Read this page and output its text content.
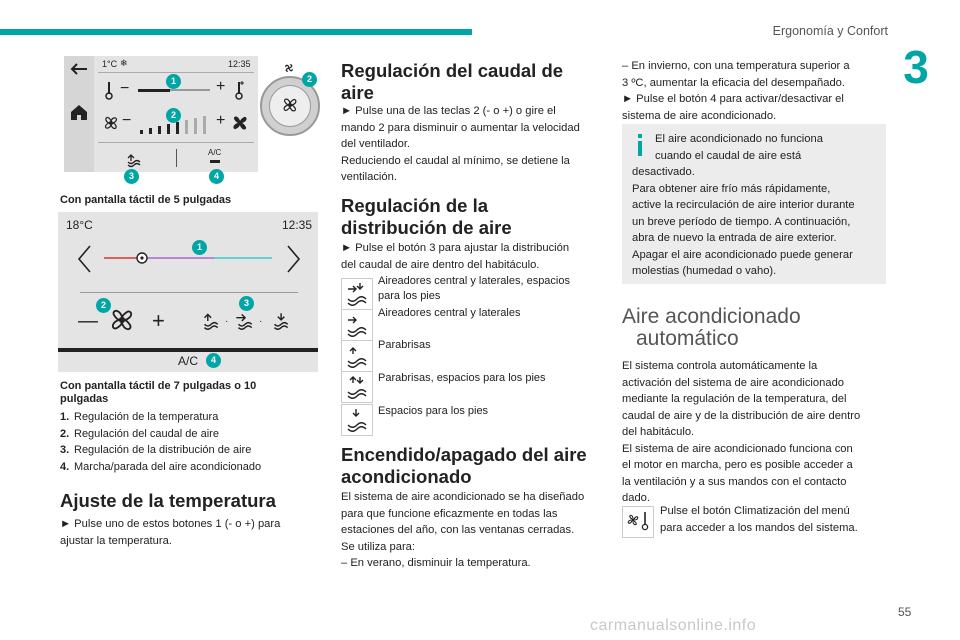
Ergonomía y Confort
3
1°C ❄	12:35
−	+
−	+
A/C
1
2
2
3	4
Con pantalla táctil de 5 pulgadas
18°C	12:35
— +	·	·
A/C
1
2	3
4
Con pantalla táctil de 7 pulgadas o 10 pulgadas
1. Regulación de la temperatura
2. Regulación del caudal de aire
3. Regulación de la distribución de aire
4. Marcha/parada del aire acondicionado
Ajuste de la temperatura
► Pulse uno de estos botones 1 (- o +) para
ajustar la temperatura.
Regulación del caudal de
aire
► Pulse una de las teclas 2 (- o +) o gire el
mando 2 para disminuir o aumentar la velocidad
del ventilador.
Reduciendo el caudal al mínimo, se detiene la
ventilación.
Regulación de la
distribución de aire
► Pulse el botón 3 para ajustar la distribución
del caudal de aire dentro del habitáculo.
Aireadores central y laterales, espacios
para los pies
Aireadores central y laterales
Parabrisas
Parabrisas, espacios para los pies
Espacios para los pies
Encendido/apagado del aire
acondicionado
El sistema de aire acondicionado se ha diseñado
para que funcione eficazmente en todas las
estaciones del año, con las ventanas cerradas.
Se utiliza para:
– En verano, disminuir la temperatura.
– En invierno, con una temperatura superior a
3 ºC, aumentar la eficacia del desempañado.
► Pulse el botón 4 para activar/desactivar el
sistema de aire acondicionado.
El aire acondicionado no funciona
cuando el caudal de aire está
desactivado.
Para obtener aire frío más rápidamente,
active la recirculación de aire interior durante
un breve período de tiempo. A continuación,
abra de nuevo la entrada de aire exterior.
Apagar el aire acondicionado puede generar
molestias (humedad o vaho).
Aire acondicionado
automático
El sistema controla automáticamente la
activación del sistema de aire acondicionado
mediante la regulación de la temperatura, del
caudal de aire y de la distribución de aire dentro
del habitáculo.
El sistema de aire acondicionado funciona con
el motor en marcha, pero es posible acceder a
la ventilación y a sus mandos con el contacto
dado.
Pulse el botón Climatización del menú
para acceder a los mandos del sistema.
carmanualsonline.info
55
